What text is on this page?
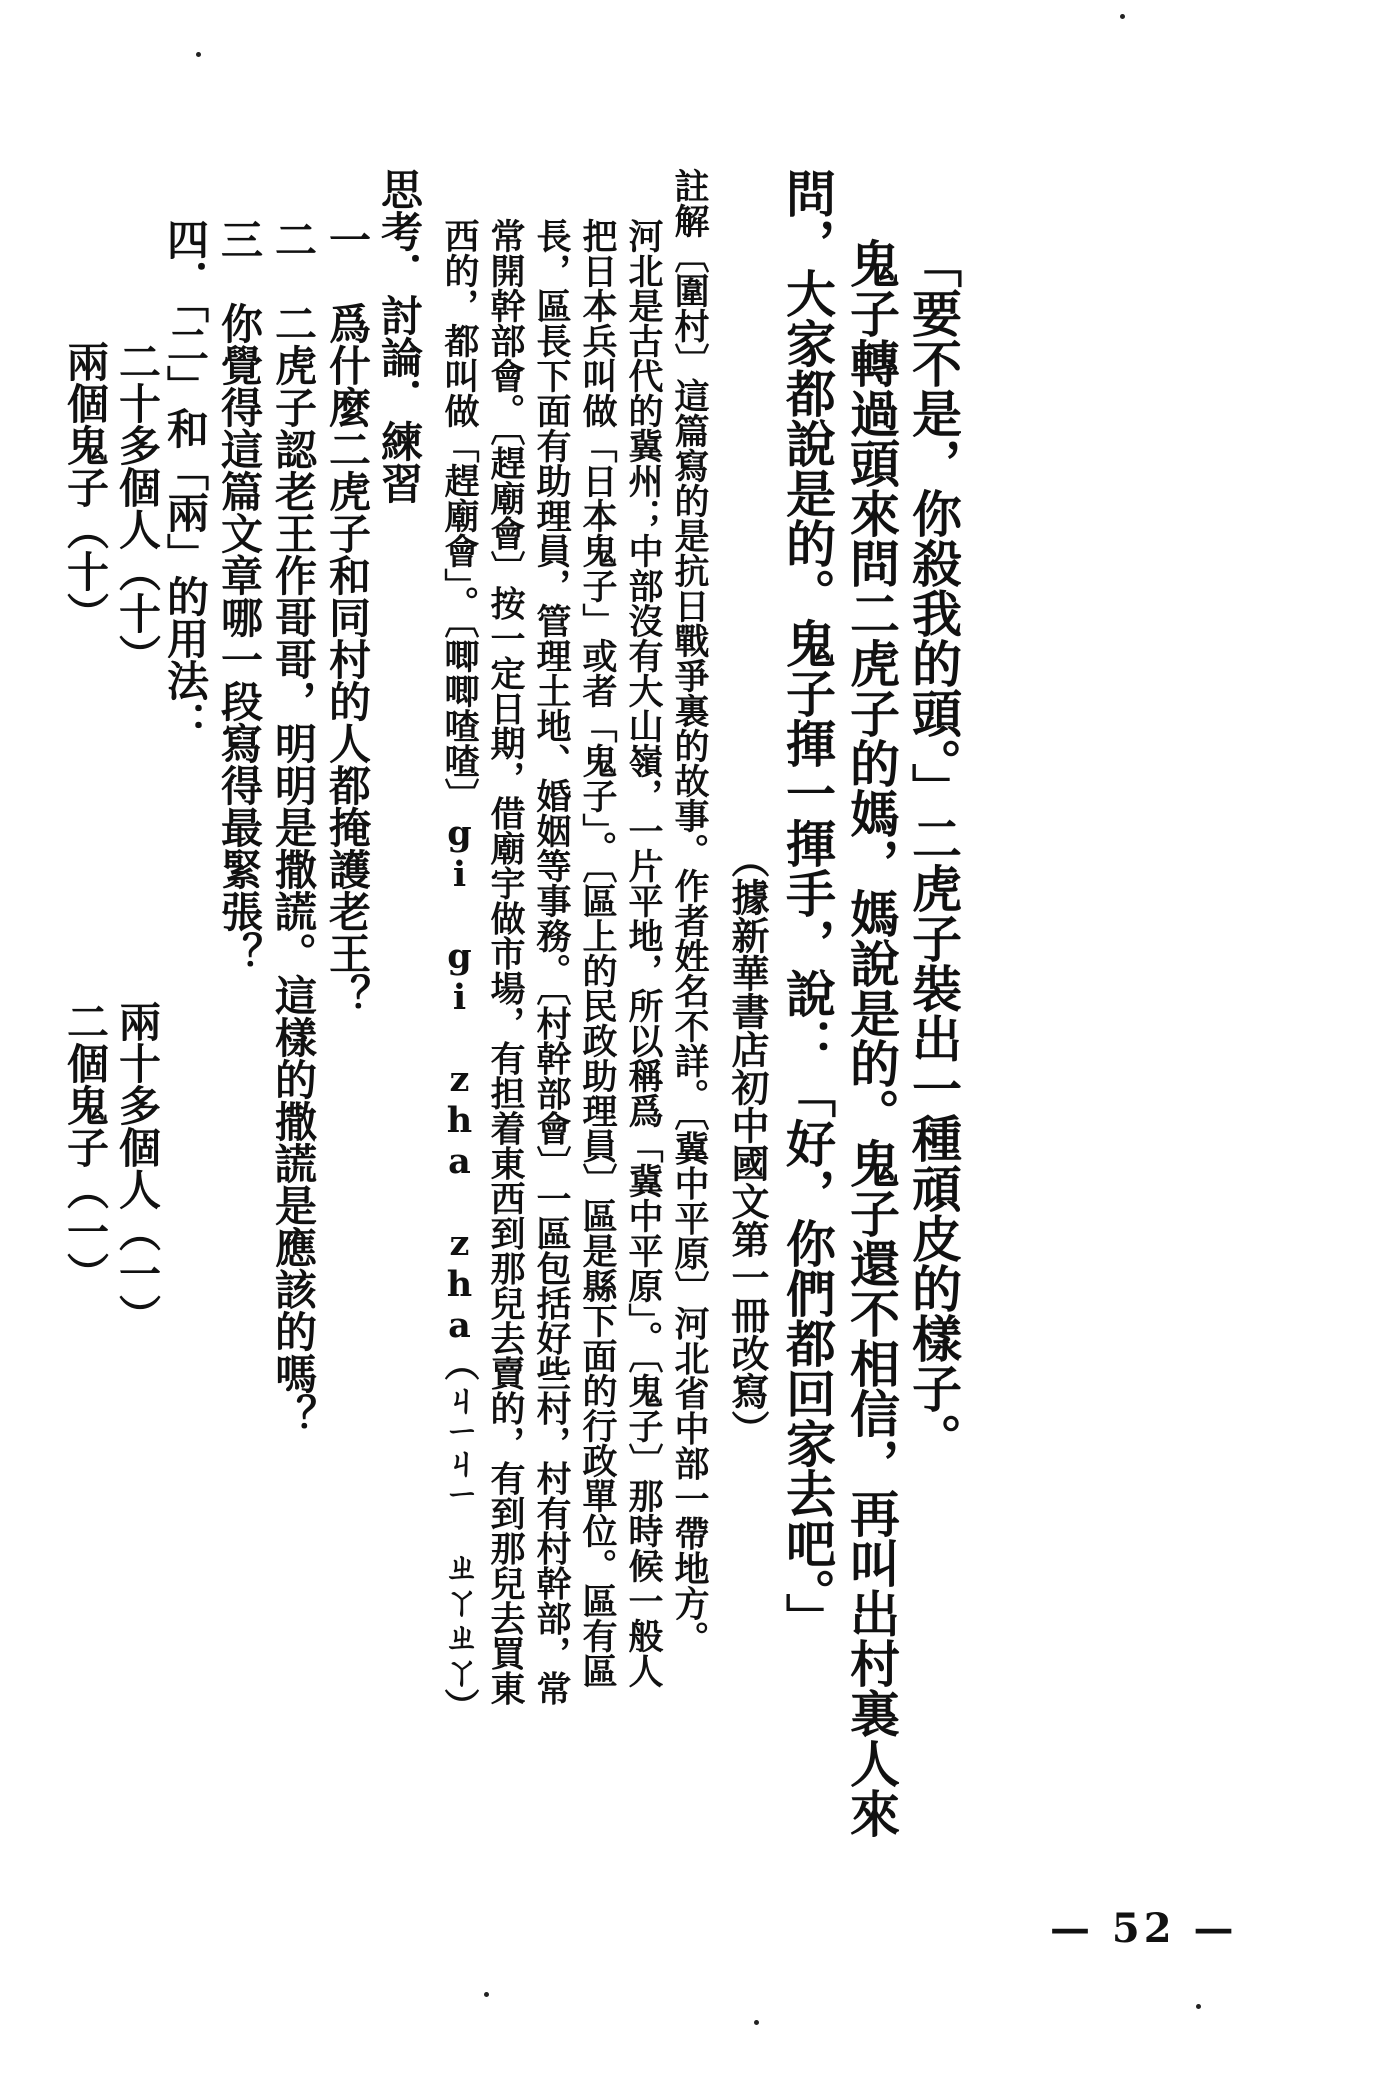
「要不是，你殺我的頭。」二虎子裝出一種頑皮的樣子。
鬼子轉過頭來問二虎子的媽，媽說是的。鬼子還不相信，再叫出村裏人來
問，大家都說是的。鬼子揮一揮手，說：「好，你們都回家去吧。」
（據新華書店初中國文第一冊改寫）
註解〔圍村〕這篇寫的是抗日戰爭裏的故事。作者姓名不詳。〔冀中平原〕河北省中部一帶地方。
河北是古代的冀州；中部沒有大山嶺，一片平地，所以稱爲「冀中平原」。〔鬼子〕那時候一般人
把日本兵叫做「日本鬼子」或者「鬼子」。〔區上的民政助理員〕區是縣下面的行政單位。區有區
長，區長下面有助理員，管理土地、婚姻等事務。〔村幹部會〕一區包括好些村，村有村幹部，常
常開幹部會。〔趕廟會〕按一定日期，借廟宇做市場，有担着東西到那兒去賣的，有到那兒去買東
西的，都叫做「趕廟會」。〔唧唧喳喳〕gi gi zha zha（ㄐㄧㄐㄧ ㄓㄚㄓㄚ）
思考．討論．練習
一　爲什麼二虎子和同村的人都掩護老王？
二　二虎子認老王作哥哥，明明是撒謊。這樣的撒謊是應該的嗎？
三　你覺得這篇文章哪一段寫得最緊張？
四．「二」和「兩」的用法：
二十多個人（十）
兩十多個人（一）
兩個鬼子（十）
二個鬼子（一）
— 52 —
